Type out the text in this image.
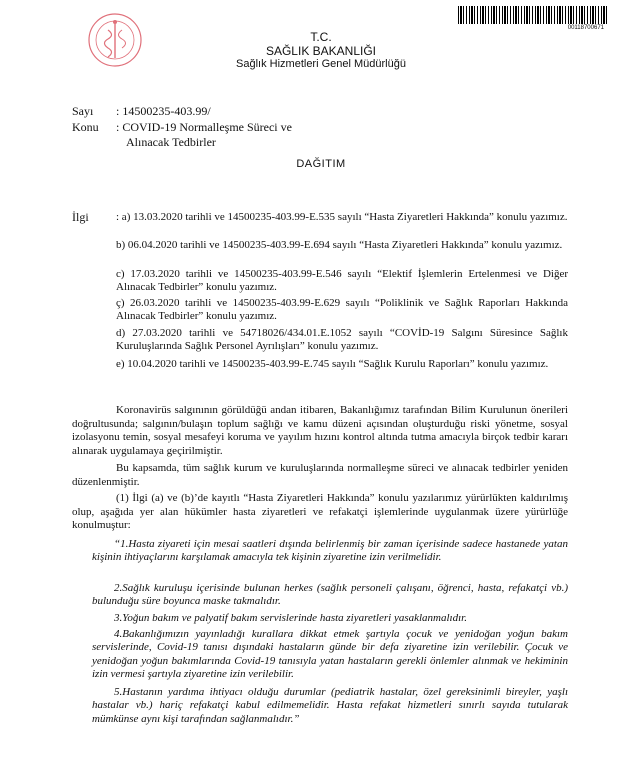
00118700671
T.C.
SAĞLIK BAKANLIĞI
Sağlık Hizmetleri Genel Müdürlüğü
Sayı : 14500235-403.99/
Konu : COVID-19 Normalleşme Süreci ve
Alınacak Tedbirler
DAĞITIM
İlgi : a) 13.03.2020 tarihli ve 14500235-403.99-E.535 sayılı “Hasta Ziyaretleri Hakkında” konulu yazımız.
b) 06.04.2020 tarihli ve 14500235-403.99-E.694 sayılı “Hasta Ziyaretleri Hakkında” konulu yazımız.
c) 17.03.2020 tarihli ve 14500235-403.99-E.546 sayılı “Elektif İşlemlerin Ertelenmesi ve Diğer Alınacak Tedbirler” konulu yazımız.
ç) 26.03.2020 tarihli ve 14500235-403.99-E.629 sayılı “Poliklinik ve Sağlık Raporları Hakkında Alınacak Tedbirler” konulu yazımız.
d) 27.03.2020 tarihli ve 54718026/434.01.E.1052 sayılı “COVİD-19 Salgını Süresince Sağlık Kuruluşlarında Sağlık Personel Ayrılışları” konulu yazımız.
e) 10.04.2020 tarihli ve 14500235-403.99-E.745 sayılı “Sağlık Kurulu Raporları” konulu yazımız.
Koronavirüs salgınının görüldüğü andan itibaren, Bakanlığımız tarafından Bilim Kurulunun önerileri doğrultusunda; salgının/bulaşın toplum sağlığı ve kamu düzeni açısından oluşturduğu riski yönetme, sosyal izolasyonu temin, sosyal mesafeyi koruma ve yayılım hızını kontrol altında tutma amacıyla birçok tedbir kararı alınarak uygulamaya geçirilmiştir.
Bu kapsamda, tüm sağlık kurum ve kuruluşlarında normalleşme süreci ve alınacak tedbirler yeniden düzenlenmiştir.
(1) İlgi (a) ve (b)’de kayıtlı “Hasta Ziyaretleri Hakkında” konulu yazılarımız yürürlükten kaldırılmış olup, aşağıda yer alan hükümler hasta ziyaretleri ve refakatçi işlemlerinde uygulanmak üzere yürürlüğe konulmuştur:
“1.Hasta ziyareti için mesai saatleri dışında belirlenmiş bir zaman içerisinde sadece hastanede yatan kişinin ihtiyaçlarını karşılamak amacıyla tek kişinin ziyaretine izin verilmelidir.
2.Sağlık kuruluşu içerisinde bulunan herkes (sağlık personeli çalışanı, öğrenci, hasta, refakatçi vb.) bulunduğu süre boyunca maske takmalıdır.
3.Yoğun bakım ve palyatif bakım servislerinde hasta ziyaretleri yasaklanmalıdır.
4.Bakanlığımızın yayınladığı kurallara dikkat etmek şartıyla çocuk ve yenidoğan yoğun bakım servislerinde, Covid-19 tanısı dışındaki hastaların günde bir defa ziyaretine izin verilebilir. Çocuk ve yenidoğan yoğun bakımlarında Covid-19 tanısıyla yatan hastaların gerekli önlemler alınmak ve hekiminin izin vermesi şartıyla ziyaretine izin verilebilir.
5.Hastanın yardıma ihtiyacı olduğu durumlar (pediatrik hastalar, özel gereksinimli bireyler, yaşlı hastalar vb.) hariç refakatçi kabul edilmemelidir. Hasta refakat hizmetleri sınırlı sayıda tutularak mümkünse aynı kişi tarafından sağlanmalıdır.”
